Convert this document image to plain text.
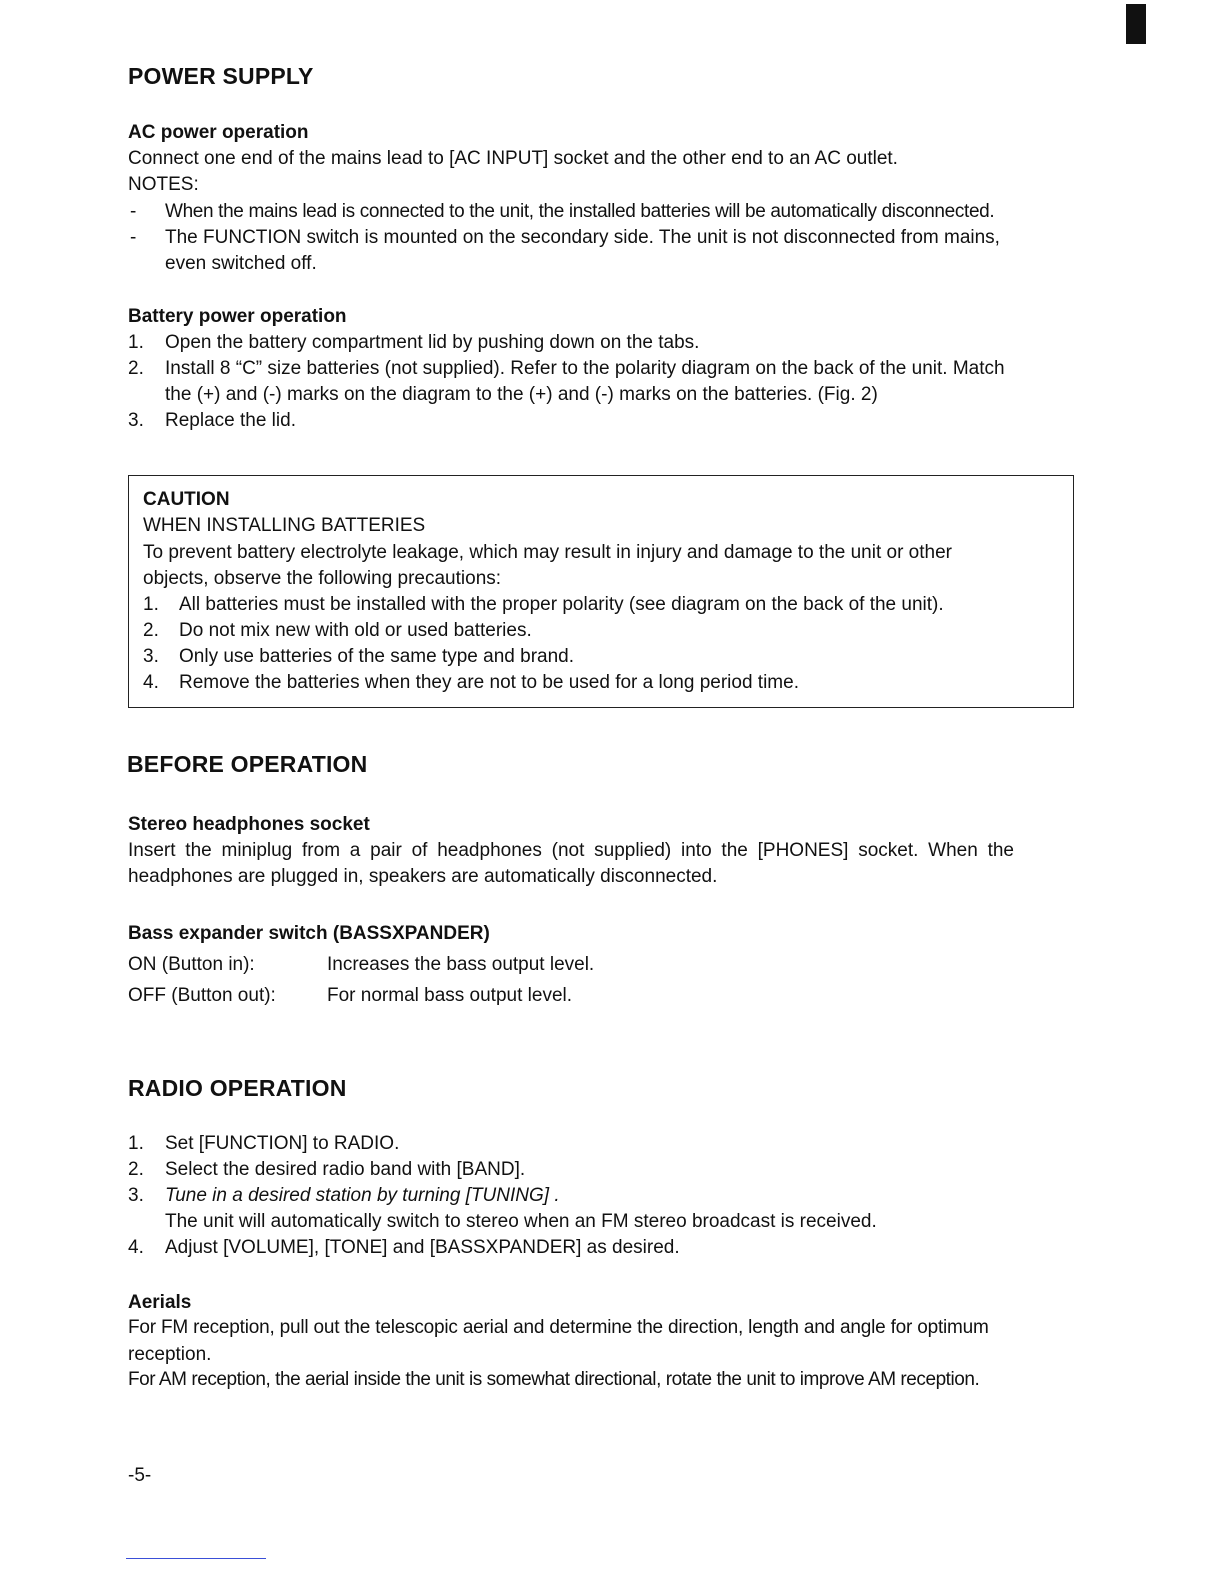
POWER SUPPLY
AC power operation
Connect one end of the mains lead to [AC INPUT] socket and the other end to an AC outlet.
NOTES:
- When the mains lead is connected to the unit, the installed batteries will be automatically disconnected.
- The FUNCTION switch is mounted on the secondary side. The unit is not disconnected from mains,
even switched off.
Battery power operation
1. Open the battery compartment lid by pushing down on the tabs.
2. Install 8 “C” size batteries (not supplied). Refer to the polarity diagram on the back of the unit. Match
the (+) and (-) marks on the diagram to the (+) and (-) marks on the batteries. (Fig. 2)
3. Replace the lid.
CAUTION
WHEN INSTALLING BATTERIES
To prevent battery electrolyte leakage, which may result in injury and damage to the unit or other
objects, observe the following precautions:
1. All batteries must be installed with the proper polarity (see diagram on the back of the unit).
2. Do not mix new with old or used batteries.
3. Only use batteries of the same type and brand.
4. Remove the batteries when they are not to be used for a long period time.
BEFORE OPERATION
Stereo headphones socket
Insert the miniplug from a pair of headphones (not supplied) into the [PHONES] socket. When the
headphones are plugged in, speakers are automatically disconnected.
Bass expander switch (BASSXPANDER)
ON (Button in):	Increases the bass output level.
OFF (Button out):	For normal bass output level.
RADIO OPERATION
1. Set [FUNCTION] to RADIO.
2. Select the desired radio band with [BAND].
3. Tune in a desired station by turning [TUNING] .
The unit will automatically switch to stereo when an FM stereo broadcast is received.
4. Adjust [VOLUME], [TONE] and [BASSXPANDER] as desired.
Aerials
For FM reception, pull out the telescopic aerial and determine the direction, length and angle for optimum
reception.
For AM reception, the aerial inside the unit is somewhat directional, rotate the unit to improve AM reception.
-5-
